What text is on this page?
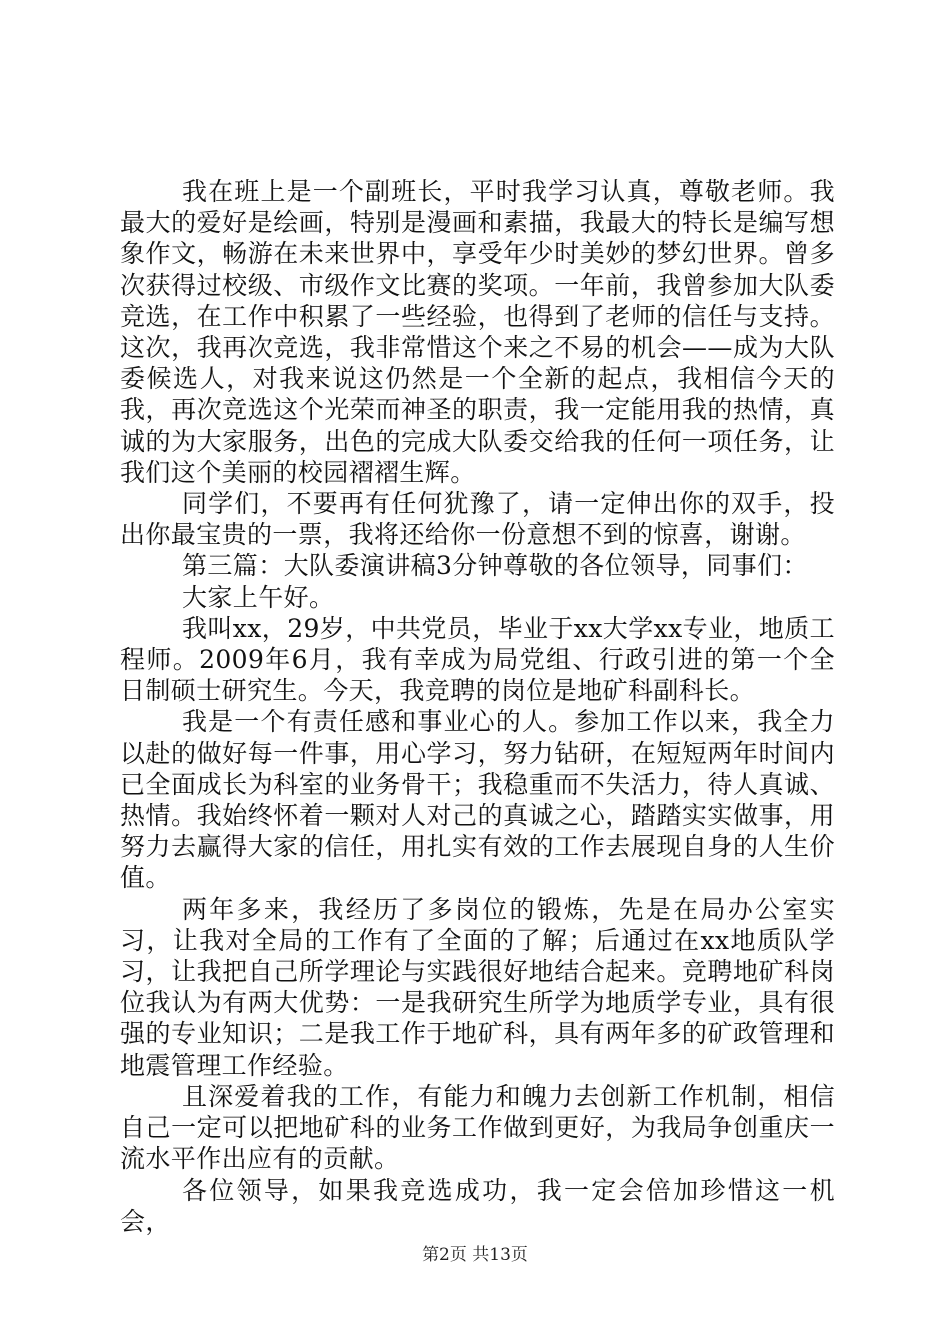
我在班上是一个副班长，平时我学习认真，尊敬老师。我最大的爱好是绘画，特别是漫画和素描，我最大的特长是编写想象作文，畅游在未来世界中，享受年少时美妙的梦幻世界。曾多次获得过校级、市级作文比赛的奖项。一年前，我曾参加大队委竞选，在工作中积累了一些经验，也得到了老师的信任与支持。这次，我再次竞选，我非常惜这个来之不易的机会——成为大队委候选人，对我来说这仍然是一个全新的起点，我相信今天的我，再次竞选这个光荣而神圣的职责，我一定能用我的热情，真诚的为大家服务，出色的完成大队委交给我的任何一项任务，让我们这个美丽的校园褶褶生辉。

同学们，不要再有任何犹豫了，请一定伸出你的双手，投出你最宝贵的一票，我将还给你一份意想不到的惊喜，谢谢。

第三篇：大队委演讲稿3分钟尊敬的各位领导，同事们：

大家上午好。

我叫xx，29岁，中共党员，毕业于xx大学xx专业，地质工程师。2009年6月，我有幸成为局党组、行政引进的第一个全日制硕士研究生。今天，我竞聘的岗位是地矿科副科长。

我是一个有责任感和事业心的人。参加工作以来，我全力以赴的做好每一件事，用心学习，努力钻研，在短短两年时间内已全面成长为科室的业务骨干；我稳重而不失活力，待人真诚、热情。我始终怀着一颗对人对己的真诚之心，踏踏实实做事，用努力去赢得大家的信任，用扎实有效的工作去展现自身的人生价值。

两年多来，我经历了多岗位的锻炼，先是在局办公室实习，让我对全局的工作有了全面的了解；后通过在xx地质队学习，让我把自己所学理论与实践很好地结合起来。竞聘地矿科岗位我认为有两大优势：一是我研究生所学为地质学专业，具有很强的专业知识；二是我工作于地矿科，具有两年多的矿政管理和地震管理工作经验。

且深爱着我的工作，有能力和魄力去创新工作机制，相信自己一定可以把地矿科的业务工作做到更好，为我局争创重庆一流水平作出应有的贡献。

各位领导，如果我竞选成功，我一定会倍加珍惜这一机会，

第2页 共13页
